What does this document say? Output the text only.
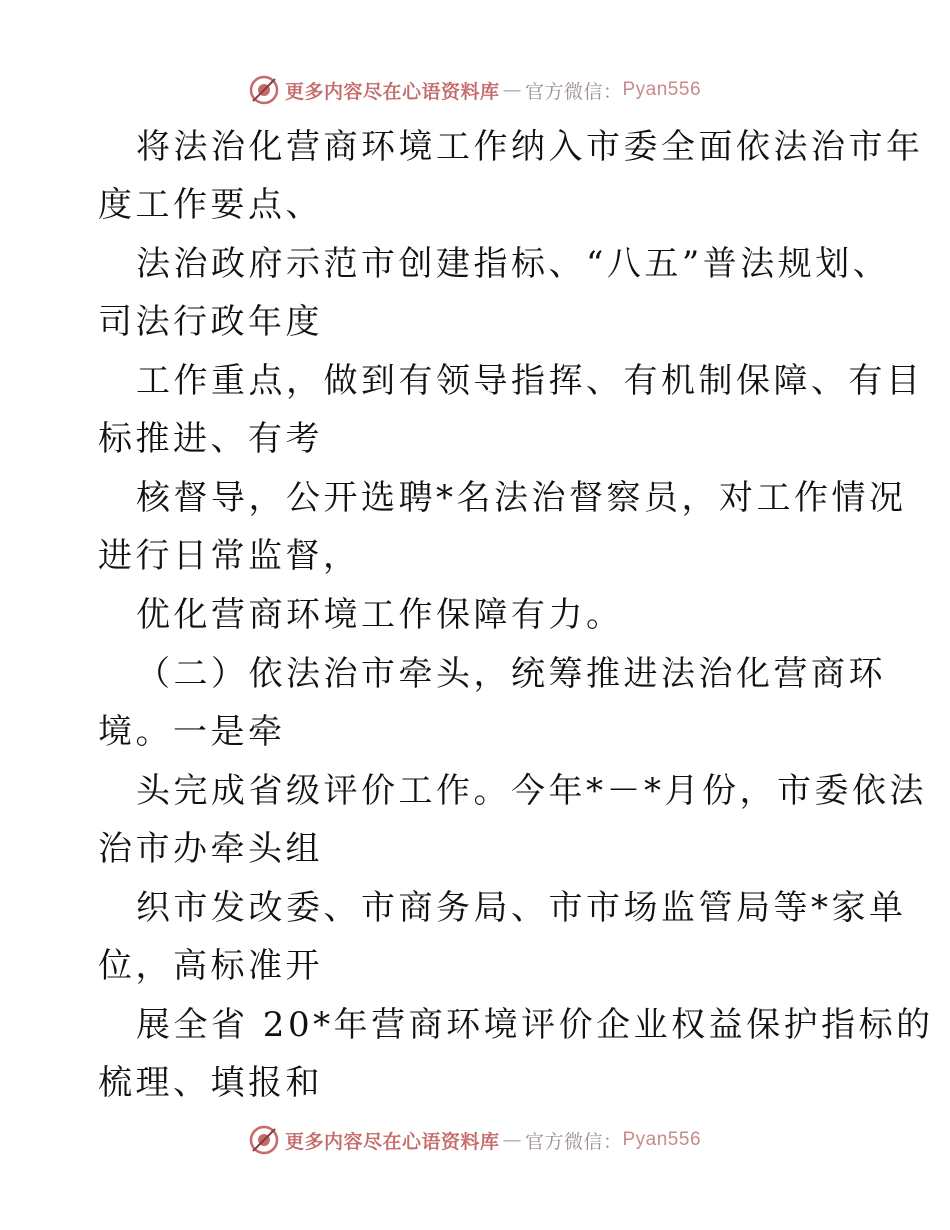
更多内容尽在心语资料库 — 官方微信： Pyan556
将法治化营商环境工作纳入市委全面依法治市年
度工作要点、
法治政府示范市创建指标、“八五”普法规划、
司法行政年度
工作重点，做到有领导指挥、有机制保障、有目
标推进、有考
核督导，公开选聘*名法治督察员，对工作情况
进行日常监督，
优化营商环境工作保障有力。
（二）依法治市牵头，统筹推进法治化营商环
境。一是牵
头完成省级评价工作。今年*－*月份，市委依法
治市办牵头组
织市发改委、市商务局、市市场监管局等*家单
位，高标准开
展全省 20*年营商环境评价企业权益保护指标的
梳理、填报和
更多内容尽在心语资料库 — 官方微信： Pyan556
